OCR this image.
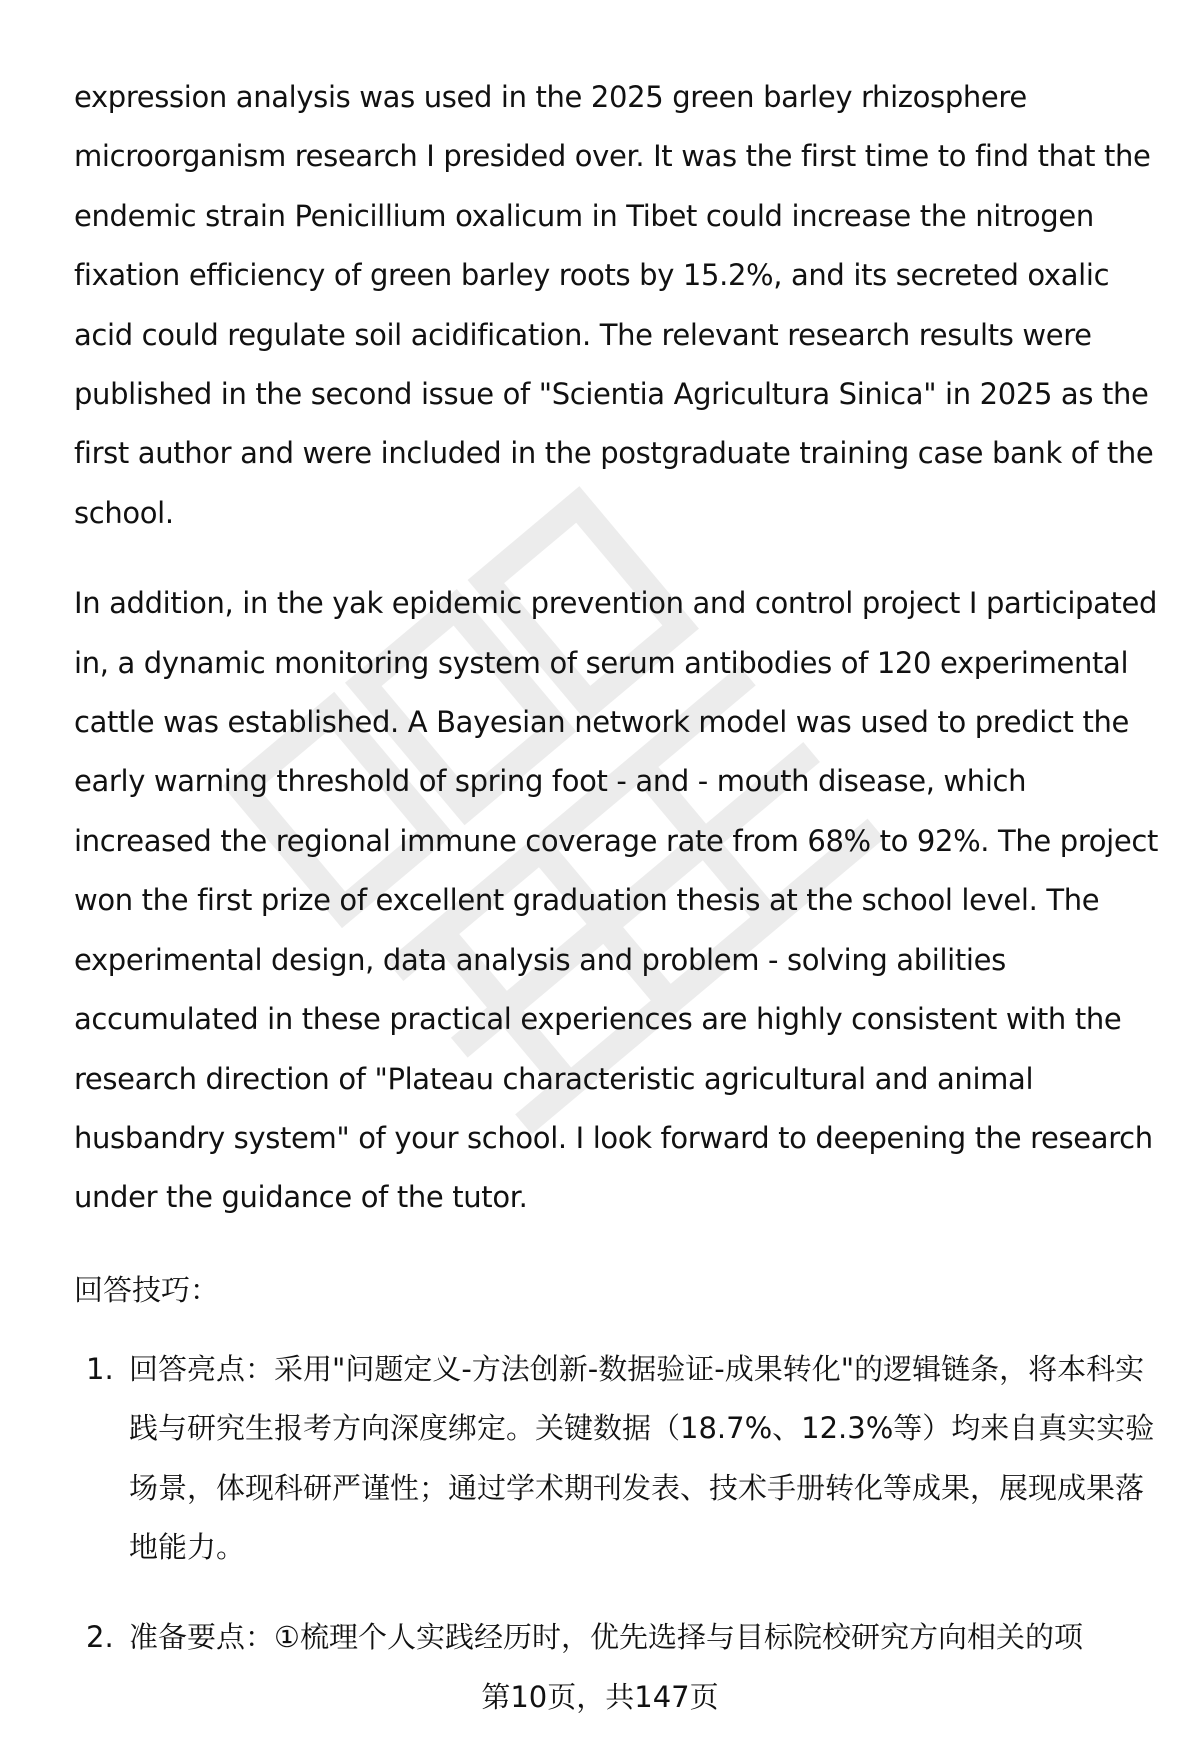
expression analysis was used in the 2025 green barley rhizosphere microorganism research I presided over. It was the first time to find that the endemic strain Penicillium oxalicum in Tibet could increase the nitrogen fixation efficiency of green barley roots by 15.2%, and its secreted oxalic acid could regulate soil acidification. The relevant research results were published in the second issue of "Scientia Agricultura Sinica" in 2025 as the first author and were included in the postgraduate training case bank of the school.

In addition, in the yak epidemic prevention and control project I participated in, a dynamic monitoring system of serum antibodies of 120 experimental cattle was established. A Bayesian network model was used to predict the early warning threshold of spring foot - and - mouth disease, which increased the regional immune coverage rate from 68% to 92%. The project won the first prize of excellent graduation thesis at the school level. The experimental design, data analysis and problem - solving abilities accumulated in these practical experiences are highly consistent with the research direction of "Plateau characteristic agricultural and animal husbandry system" of your school. I look forward to deepening the research under the guidance of the tutor.

回答技巧：
1. 回答亮点：采用"问题定义-方法创新-数据验证-成果转化"的逻辑链条，将本科实践与研究生报考方向深度绑定。关键数据（18.7%、12.3%等）均来自真实实验场景，体现科研严谨性；通过学术期刊发表、技术手册转化等成果，展现成果落地能力。
2. 准备要点：①梳理个人实践经历时，优先选择与目标院校研究方向相关的项
第10页，共147页
